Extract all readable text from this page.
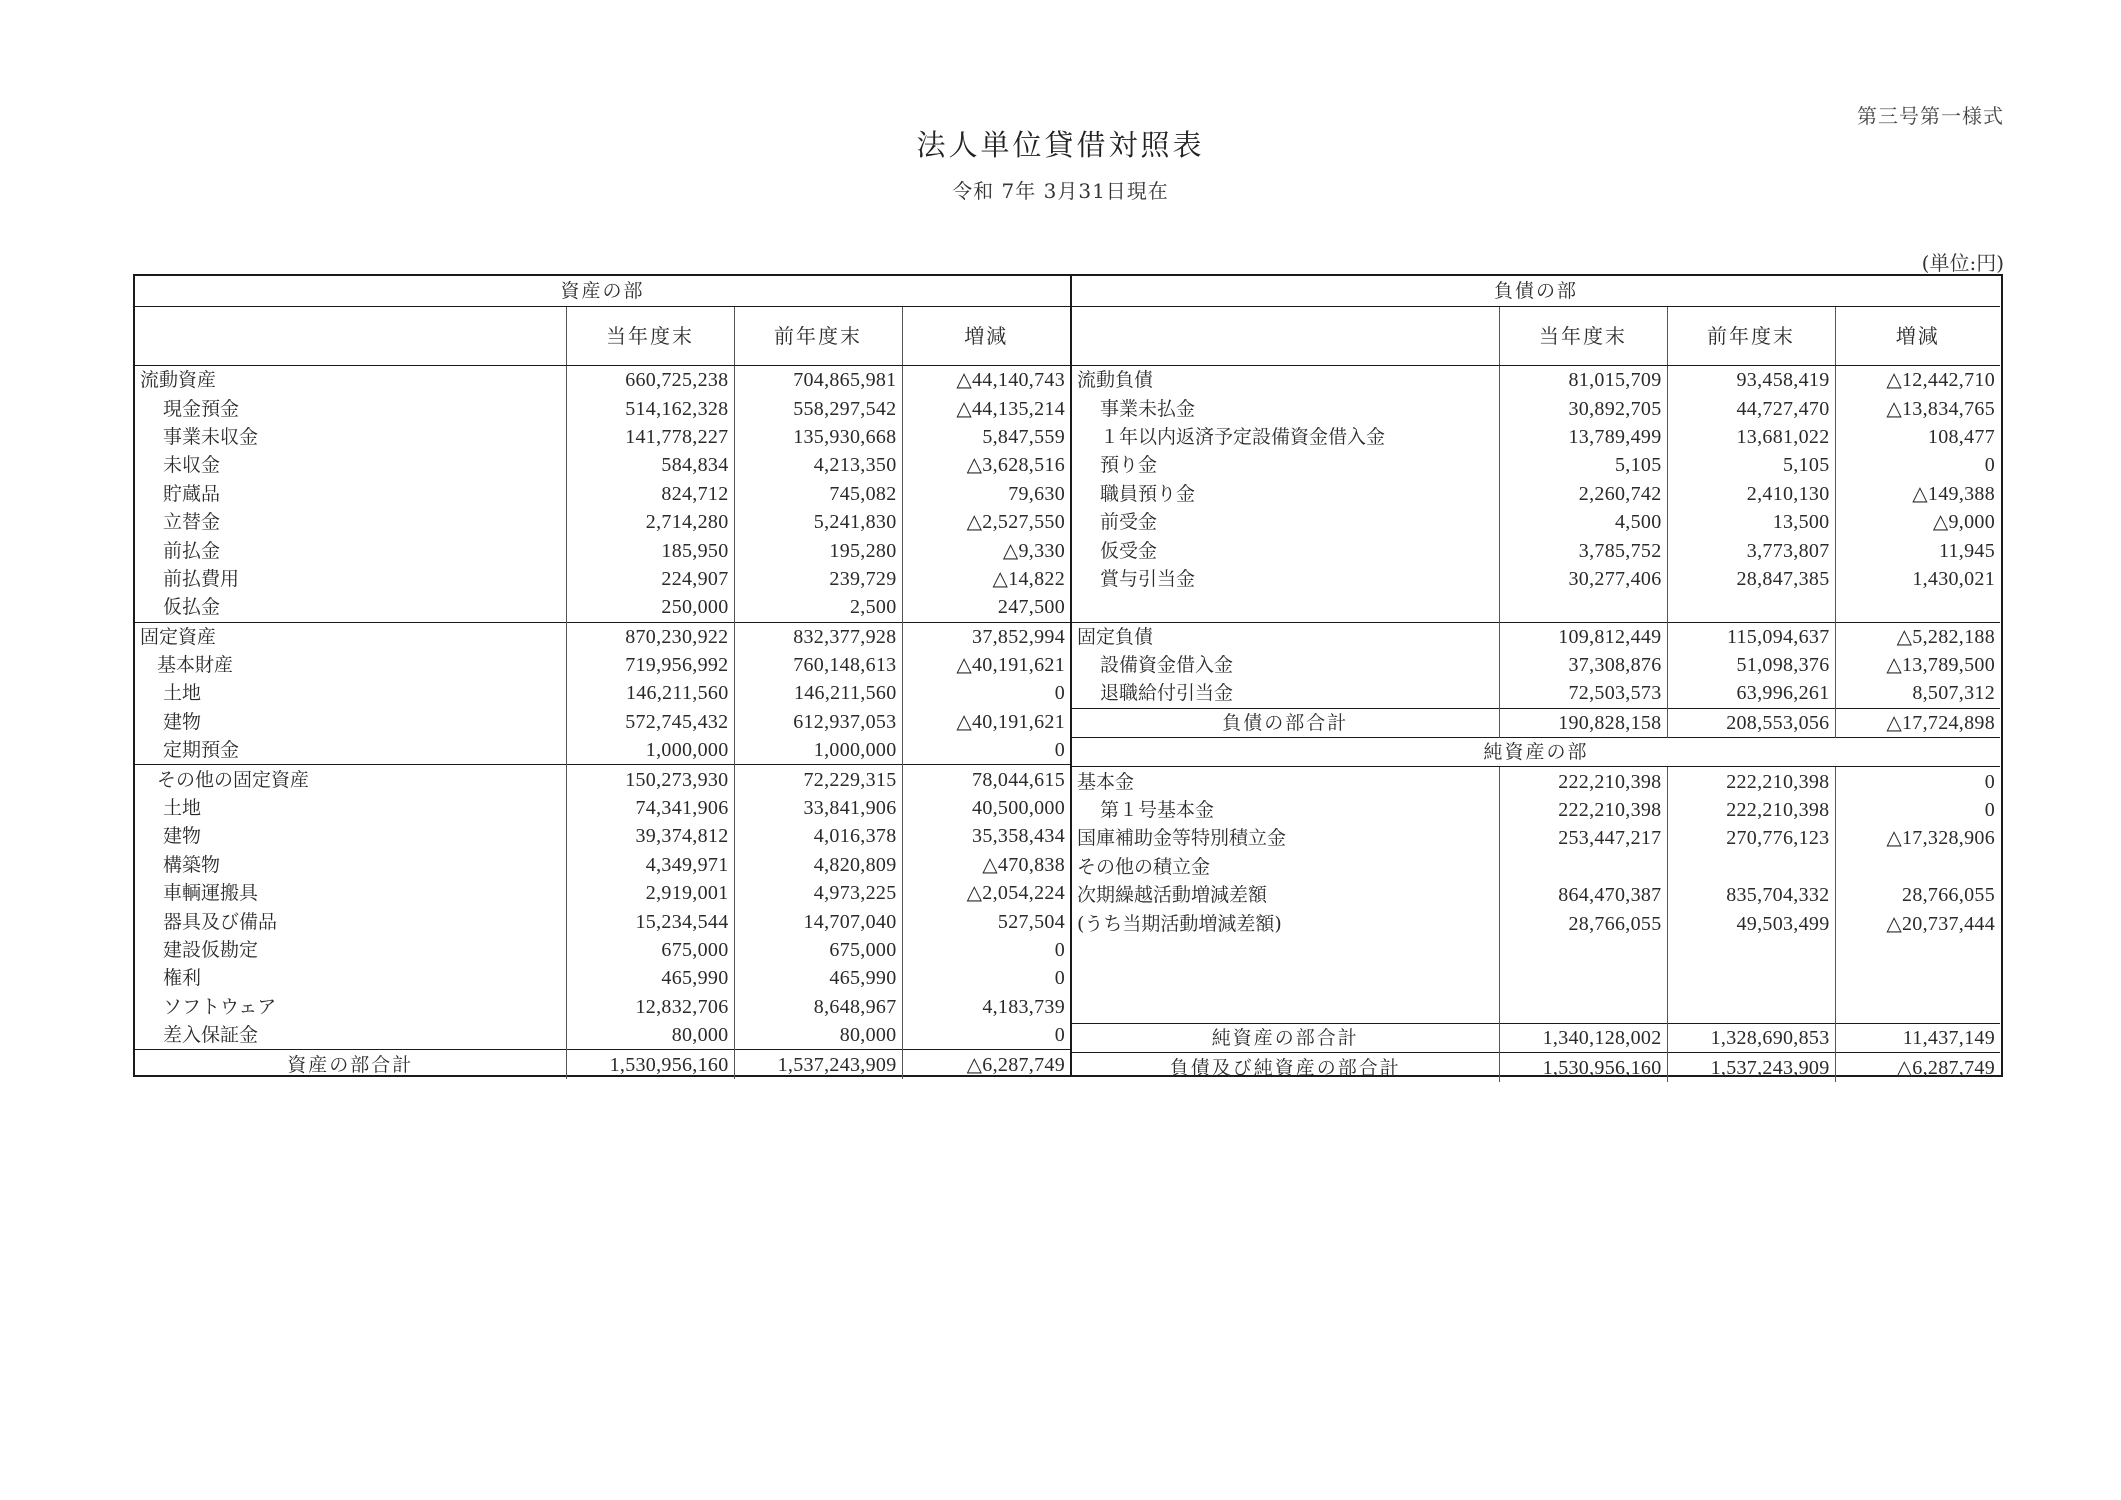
第三号第一様式
法人単位貸借対照表
令和 7年 3月31日現在
(単位:円)
資産の部			
	当年度末	前年度末	増減
流動資産	660,725,238	704,865,981	△44,140,743
現金預金	514,162,328	558,297,542	△44,135,214
事業未収金	141,778,227	135,930,668	5,847,559
未収金	584,834	4,213,350	△3,628,516
貯蔵品	824,712	745,082	79,630
立替金	2,714,280	5,241,830	△2,527,550
前払金	185,950	195,280	△9,330
前払費用	224,907	239,729	△14,822
仮払金	250,000	2,500	247,500
固定資産	870,230,922	832,377,928	37,852,994
基本財産	719,956,992	760,148,613	△40,191,621
土地	146,211,560	146,211,560	0
建物	572,745,432	612,937,053	△40,191,621
定期預金	1,000,000	1,000,000	0
その他の固定資産	150,273,930	72,229,315	78,044,615
土地	74,341,906	33,841,906	40,500,000
建物	39,374,812	4,016,378	35,358,434
構築物	4,349,971	4,820,809	△470,838
車輌運搬具	2,919,001	4,973,225	△2,054,224
器具及び備品	15,234,544	14,707,040	527,504
建設仮勘定	675,000	675,000	0
権利	465,990	465,990	0
ソフトウェア	12,832,706	8,648,967	4,183,739
差入保証金	80,000	80,000	0
資産の部合計	1,530,956,160	1,537,243,909	△6,287,749
負債の部			
	当年度末	前年度末	増減
流動負債	81,015,709	93,458,419	△12,442,710
事業未払金	30,892,705	44,727,470	△13,834,765
１年以内返済予定設備資金借入金	13,789,499	13,681,022	108,477
預り金	5,105	5,105	0
職員預り金	2,260,742	2,410,130	△149,388
前受金	4,500	13,500	△9,000
仮受金	3,785,752	3,773,807	11,945
賞与引当金	30,277,406	28,847,385	1,430,021

固定負債	109,812,449	115,094,637	△5,282,188
設備資金借入金	37,308,876	51,098,376	△13,789,500
退職給付引当金	72,503,573	63,996,261	8,507,312
負債の部合計	190,828,158	208,553,056	△17,724,898
純資産の部			
基本金	222,210,398	222,210,398	0
第１号基本金	222,210,398	222,210,398	0
国庫補助金等特別積立金	253,447,217	270,776,123	△17,328,906
その他の積立金			
次期繰越活動増減差額	864,470,387	835,704,332	28,766,055
(うち当期活動増減差額)	28,766,055	49,503,499	△20,737,444

純資産の部合計	1,340,128,002	1,328,690,853	11,437,149
負債及び純資産の部合計	1,530,956,160	1,537,243,909	△6,287,749
